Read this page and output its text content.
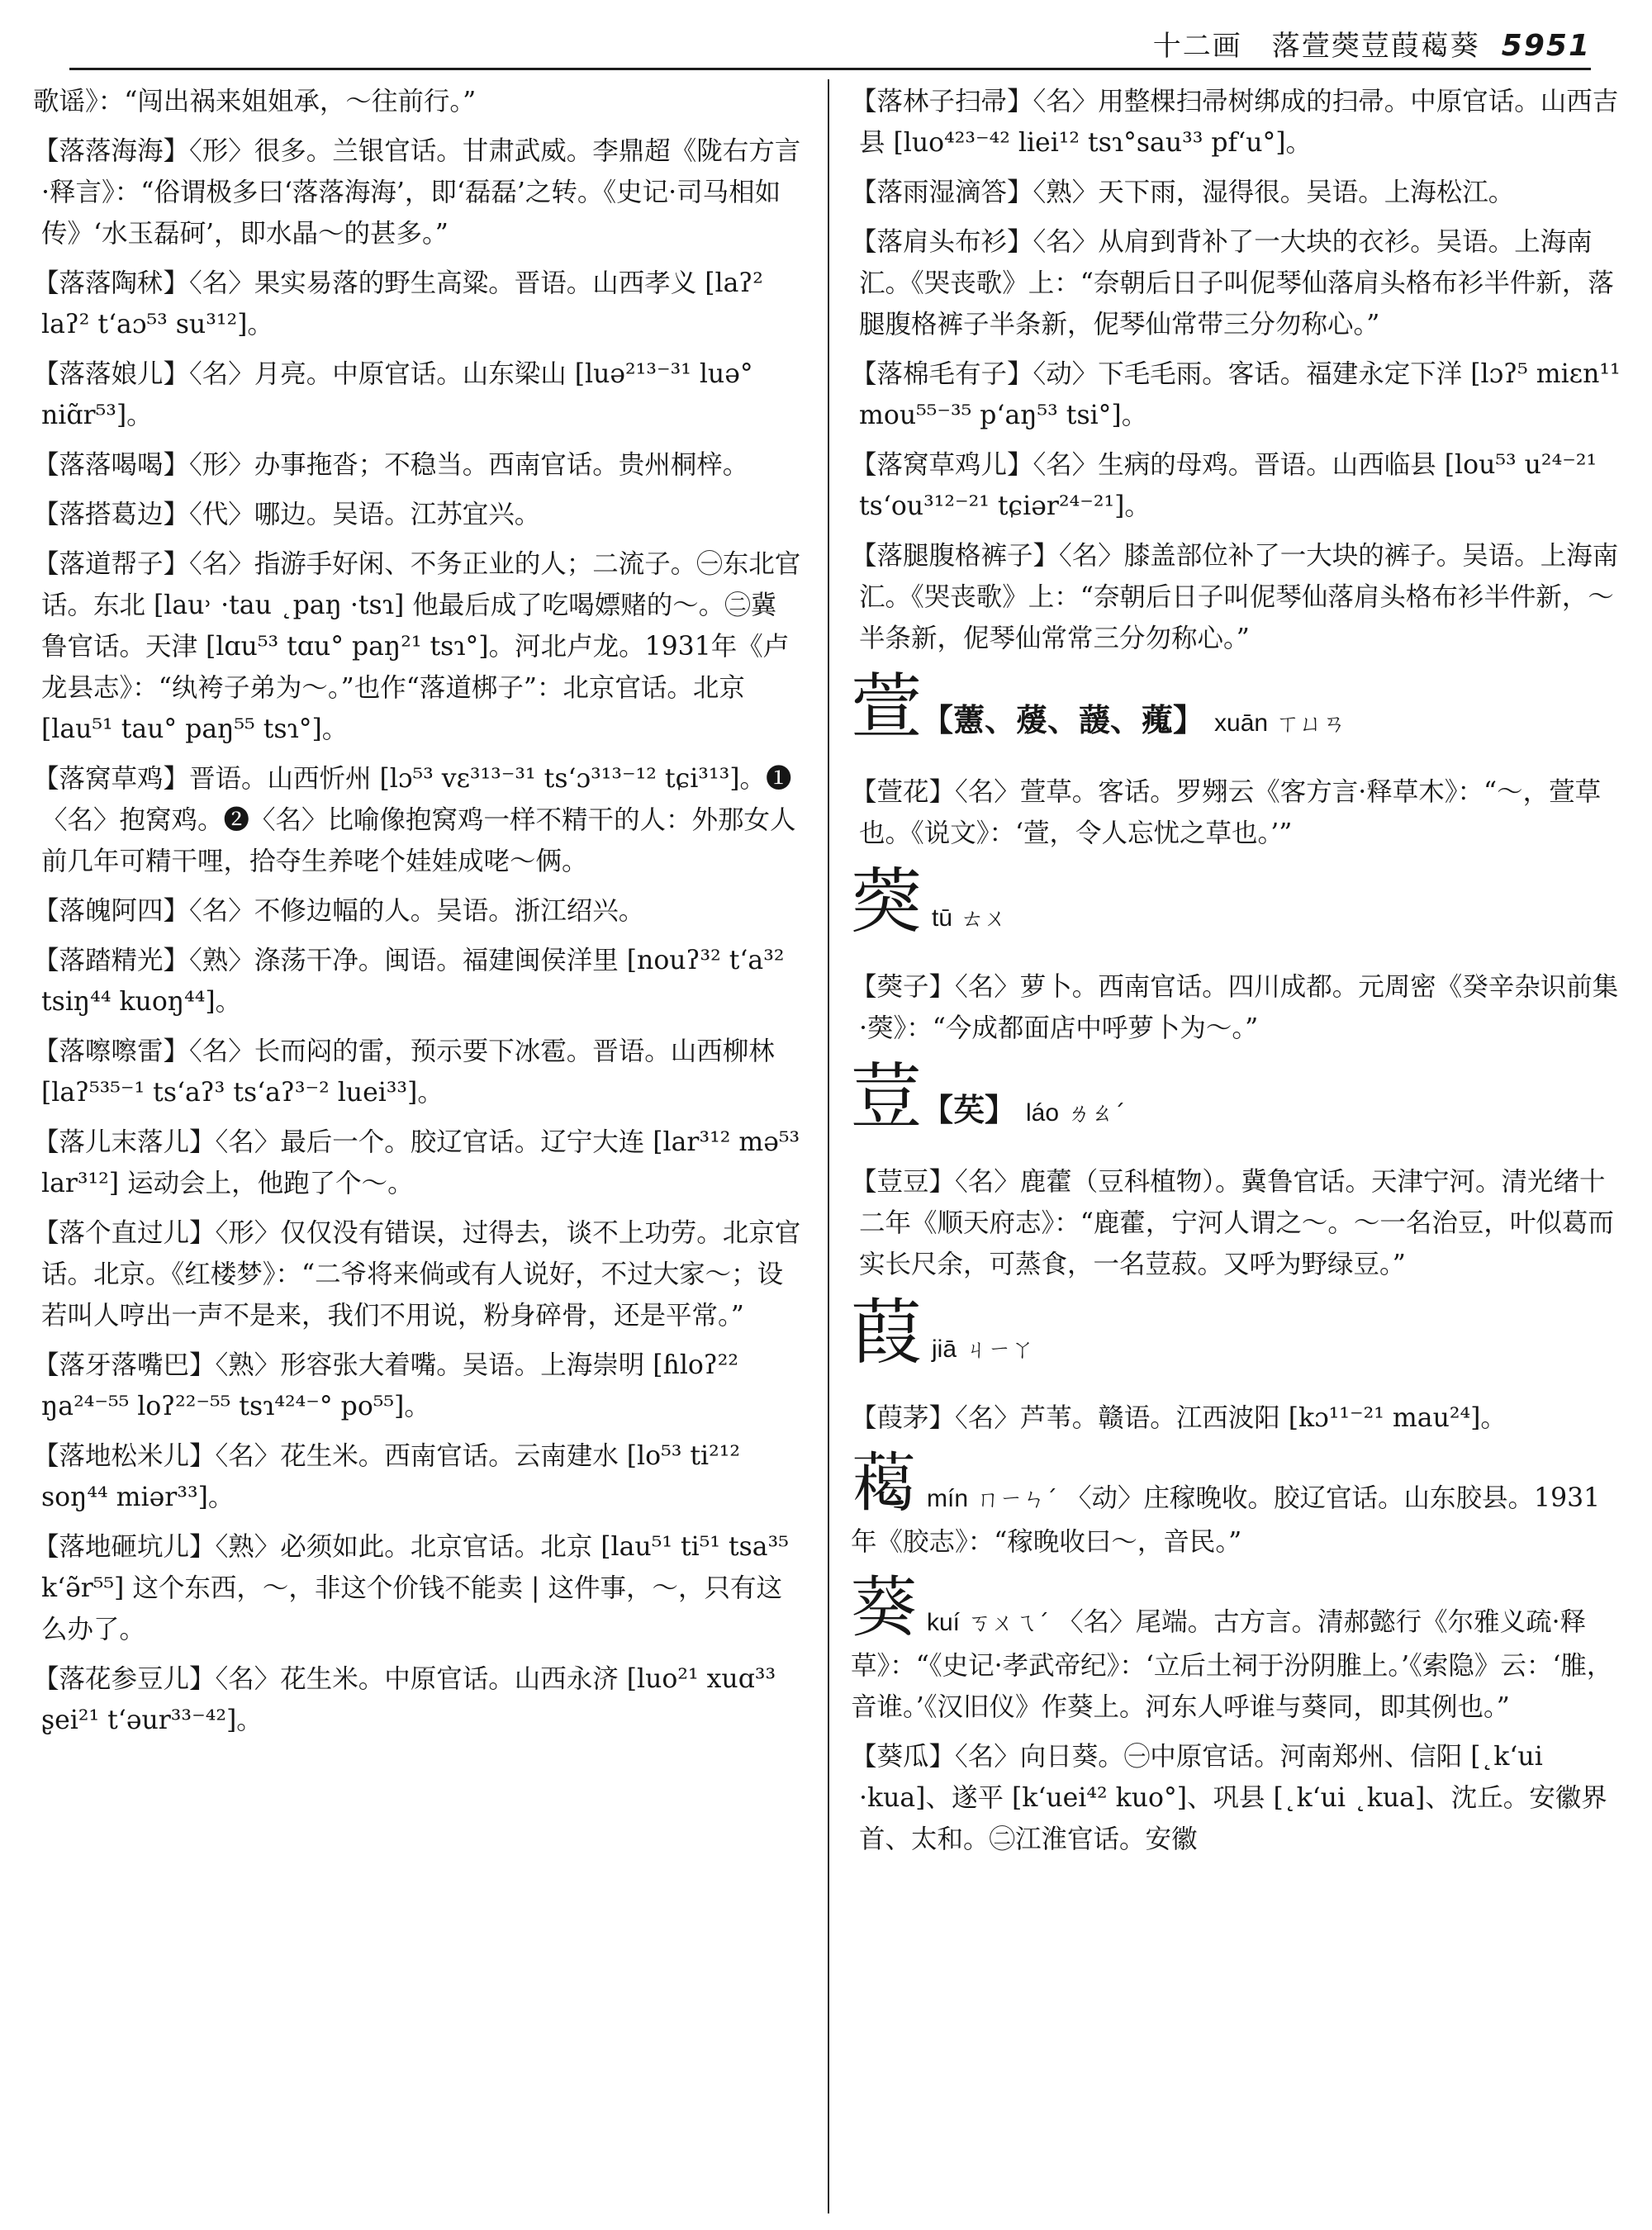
十二画　落萱葖荳葭𦼰葵 5951

歌谣》：“闯出祸来姐姐承，～往前行。”

【落落海海】〈形〉很多。兰银官话。甘肃武威。李鼎超《陇右方言·释言》：“俗谓极多曰‘落落海海’，即‘磊磊’之转。《史记·司马相如传》‘水玉磊砢’，即水晶～的甚多。”

【落落陶秫】〈名〉果实易落的野生高粱。晋语。山西孝义 [laʔ² laʔ² t‘aɔ⁵³ su³¹²]。

【落落娘儿】〈名〉月亮。中原官话。山东梁山 [luə²¹³⁻³¹ luə° niɑ̃r⁵³]。

【落落喝喝】〈形〉办事拖沓；不稳当。西南官话。贵州桐梓。

【落搭葛边】〈代〉哪边。吴语。江苏宜兴。

【落道帮子】〈名〉指游手好闲、不务正业的人；二流子。㊀东北官话。东北 [lau˒ ·tau ˛paŋ ·tsɿ] 他最后成了吃喝嫖赌的～。㊁冀鲁官话。天津 [lɑu⁵³ tɑu° paŋ²¹ tsɿ°]。河北卢龙。1931年《卢龙县志》：“纨袴子弟为～。”也作“落道梆子”：北京官话。北京 [lau⁵¹ tau° paŋ⁵⁵ tsɿ°]。

【落窝草鸡】晋语。山西忻州 [lɔ⁵³ vɛ³¹³⁻³¹ ts‘ɔ³¹³⁻¹² tɕi³¹³]。❶〈名〉抱窝鸡。❷〈名〉比喻像抱窝鸡一样不精干的人：外那女人前几年可精干哩，拾夺生养咾个娃娃成咾～俩。

【落魄阿四】〈名〉不修边幅的人。吴语。浙江绍兴。

【落踏精光】〈熟〉涤荡干净。闽语。福建闽侯洋里 [nouʔ³² t‘a³² tsiŋ⁴⁴ kuoŋ⁴⁴]。

【落嚓嚓雷】〈名〉长而闷的雷，预示要下冰雹。晋语。山西柳林 [laʔ⁵³⁵⁻¹ ts‘aʔ³ ts‘aʔ³⁻² luei³³]。

【落儿末落儿】〈名〉最后一个。胶辽官话。辽宁大连 [lar³¹² mə⁵³ lar³¹²] 运动会上，他跑了个～。

【落个直过儿】〈形〉仅仅没有错误，过得去，谈不上功劳。北京官话。北京。《红楼梦》：“二爷将来倘或有人说好，不过大家～；设若叫人哼出一声不是来，我们不用说，粉身碎骨，还是平常。”

【落牙落嘴巴】〈熟〉形容张大着嘴。吴语。上海崇明 [ɦloʔ²² ŋa²⁴⁻⁵⁵ loʔ²²⁻⁵⁵ tsɿ⁴²⁴⁻° po⁵⁵]。

【落地松米儿】〈名〉花生米。西南官话。云南建水 [lo⁵³ ti²¹² soŋ⁴⁴ miər³³]。

【落地砸坑儿】〈熟〉必须如此。北京官话。北京 [lau⁵¹ ti⁵¹ tsa³⁵ k‘ə̃r⁵⁵] 这个东西，～，非这个价钱不能卖 | 这件事，～，只有这么办了。

【落花参豆儿】〈名〉花生米。中原官话。山西永济 [luo²¹ xuɑ³³ ʂei²¹ t‘əur³³⁻⁴²]。

【落林子扫帚】〈名〉用整棵扫帚树绑成的扫帚。中原官话。山西吉县 [luo⁴²³⁻⁴² liei¹² tsɿ°sau³³ pf‘u°]。

【落雨湿滴答】〈熟〉天下雨，湿得很。吴语。上海松江。

【落肩头布衫】〈名〉从肩到背补了一大块的衣衫。吴语。上海南汇。《哭丧歌》上：“奈朝后日子叫伲琴仙落肩头格布衫半件新，落腿腹格裤子半条新，伲琴仙常带三分勿称心。”

【落棉毛有子】〈动〉下毛毛雨。客话。福建永定下洋 [lɔʔ⁵ miɛn¹¹ mou⁵⁵⁻³⁵ p‘aŋ⁵³ tsi°]。

【落窝草鸡儿】〈名〉生病的母鸡。晋语。山西临县 [lou⁵³ u²⁴⁻²¹ ts‘ou³¹²⁻²¹ tɕiər²⁴⁻²¹]。

【落腿腹格裤子】〈名〉膝盖部位补了一大块的裤子。吴语。上海南汇。《哭丧歌》上：“奈朝后日子叫伲琴仙落肩头格布衫半件新，～半条新，伲琴仙常常三分勿称心。”

萱【藼、蕿、蘐、藱】 xuān ㄒㄩㄢ

【萱花】〈名〉萱草。客话。罗翙云《客方言·释草木》：“～，萱草也。《说文》：‘萱，令人忘忧之草也。’”

葖tū ㄊㄨ

【葖子】〈名〉萝卜。西南官话。四川成都。元周密《癸辛杂识前集·葖》：“今成都面店中呼萝卜为～。”

荳【䒨】 láo ㄌㄠˊ

【荳豆】〈名〉鹿藿（豆科植物）。冀鲁官话。天津宁河。清光绪十二年《顺天府志》：“鹿藿，宁河人谓之～。～一名治豆，叶似葛而实长尺余，可蒸食，一名荳菽。又呼为野绿豆。”

葭jiā ㄐㄧㄚ

【葭茅】〈名〉芦苇。赣语。江西波阳 [kɔ¹¹⁻²¹ mau²⁴]。

𦼰mín ㄇㄧㄣˊ 〈动〉庄稼晚收。胶辽官话。山东胶县。1931年《胶志》：“稼晚收曰～，音民。”
葵kuí ㄎㄨㄟˊ 〈名〉尾端。古方言。清郝懿行《尔雅义疏·释草》：“《史记·孝武帝纪》：‘立后土祠于汾阴脽上。’《索隐》云：‘脽，音谁。’《汉旧仪》作葵上。河东人呼谁与葵同，即其例也。”

【葵瓜】〈名〉向日葵。㊀中原官话。河南郑州、信阳 [˛k‘ui ·kua]、遂平 [k‘uei⁴² kuo°]、巩县 [˛k‘ui ˛kua]、沈丘。安徽界首、太和。㊁江淮官话。安徽
